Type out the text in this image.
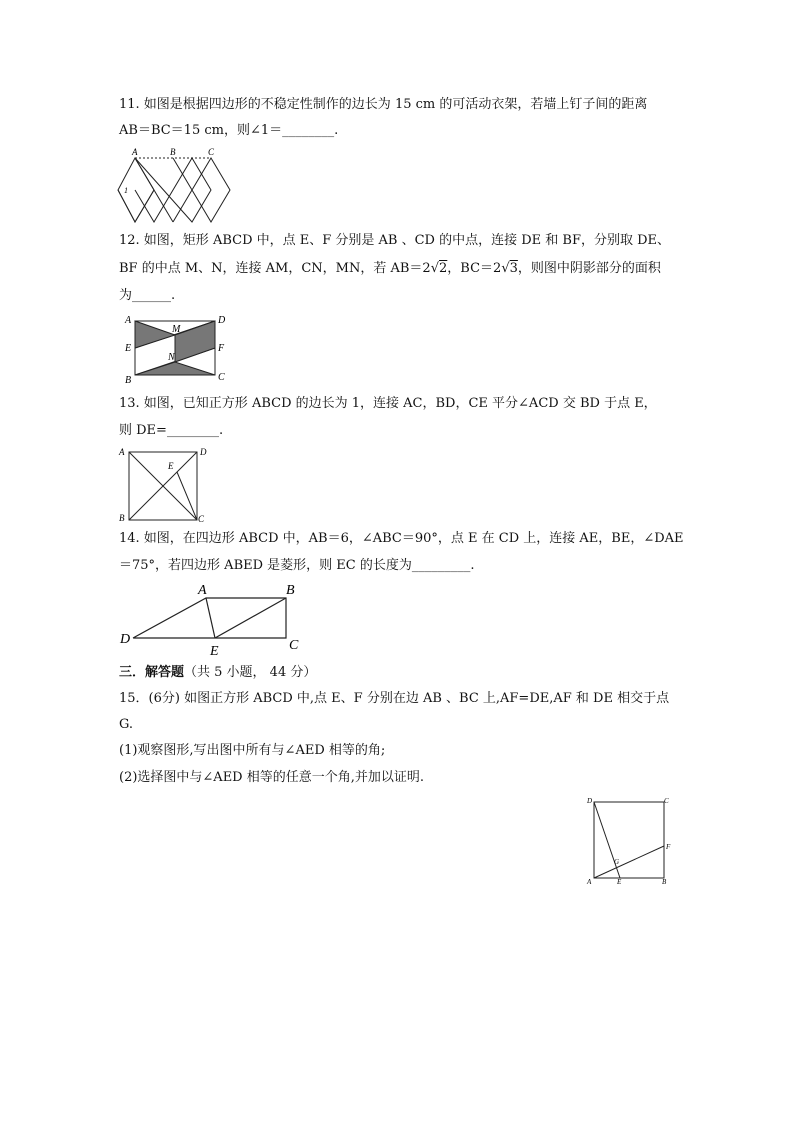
11. 如图是根据四边形的不稳定性制作的边长为 15 cm 的可活动衣架，若墙上钉子间的距离
AB＝BC＝15 cm，则∠1＝________.
A	B	C
1
12. 如图，矩形 ABCD 中，点 E、F 分别是 AB 、CD 的中点，连接 DE 和 BF，分别取 DE、
BF 的中点 M、N，连接 AM，CN，MN，若 AB＝2√2，BC＝2√3，则图中阴影部分的面积
为______.
A
M
D
E	F
N
B	C
13. 如图，已知正方形 ABCD 的边长为 1，连接 AC，BD，CE 平分∠ACD 交 BD 于点 E，
则 DE=________.
A	D
E
B	C
14. 如图，在四边形 ABCD 中，AB＝6，∠ABC＝90°，点 E 在 CD 上，连接 AE，BE，∠DAE
＝75°，若四边形 ABED 是菱形，则 EC 的长度为_________.
A	B
D
E	C
三．解答题（共 5 小题， 44 分）
15．(6分) 如图正方形 ABCD 中,点 E、F 分别在边 AB 、BC 上,AF=DE,AF 和 DE 相交于点
G.
(1)观察图形,写出图中所有与∠AED 相等的角;
(2)选择图中与∠AED 相等的任意一个角,并加以证明.
D	C
F
G
A	E	B
